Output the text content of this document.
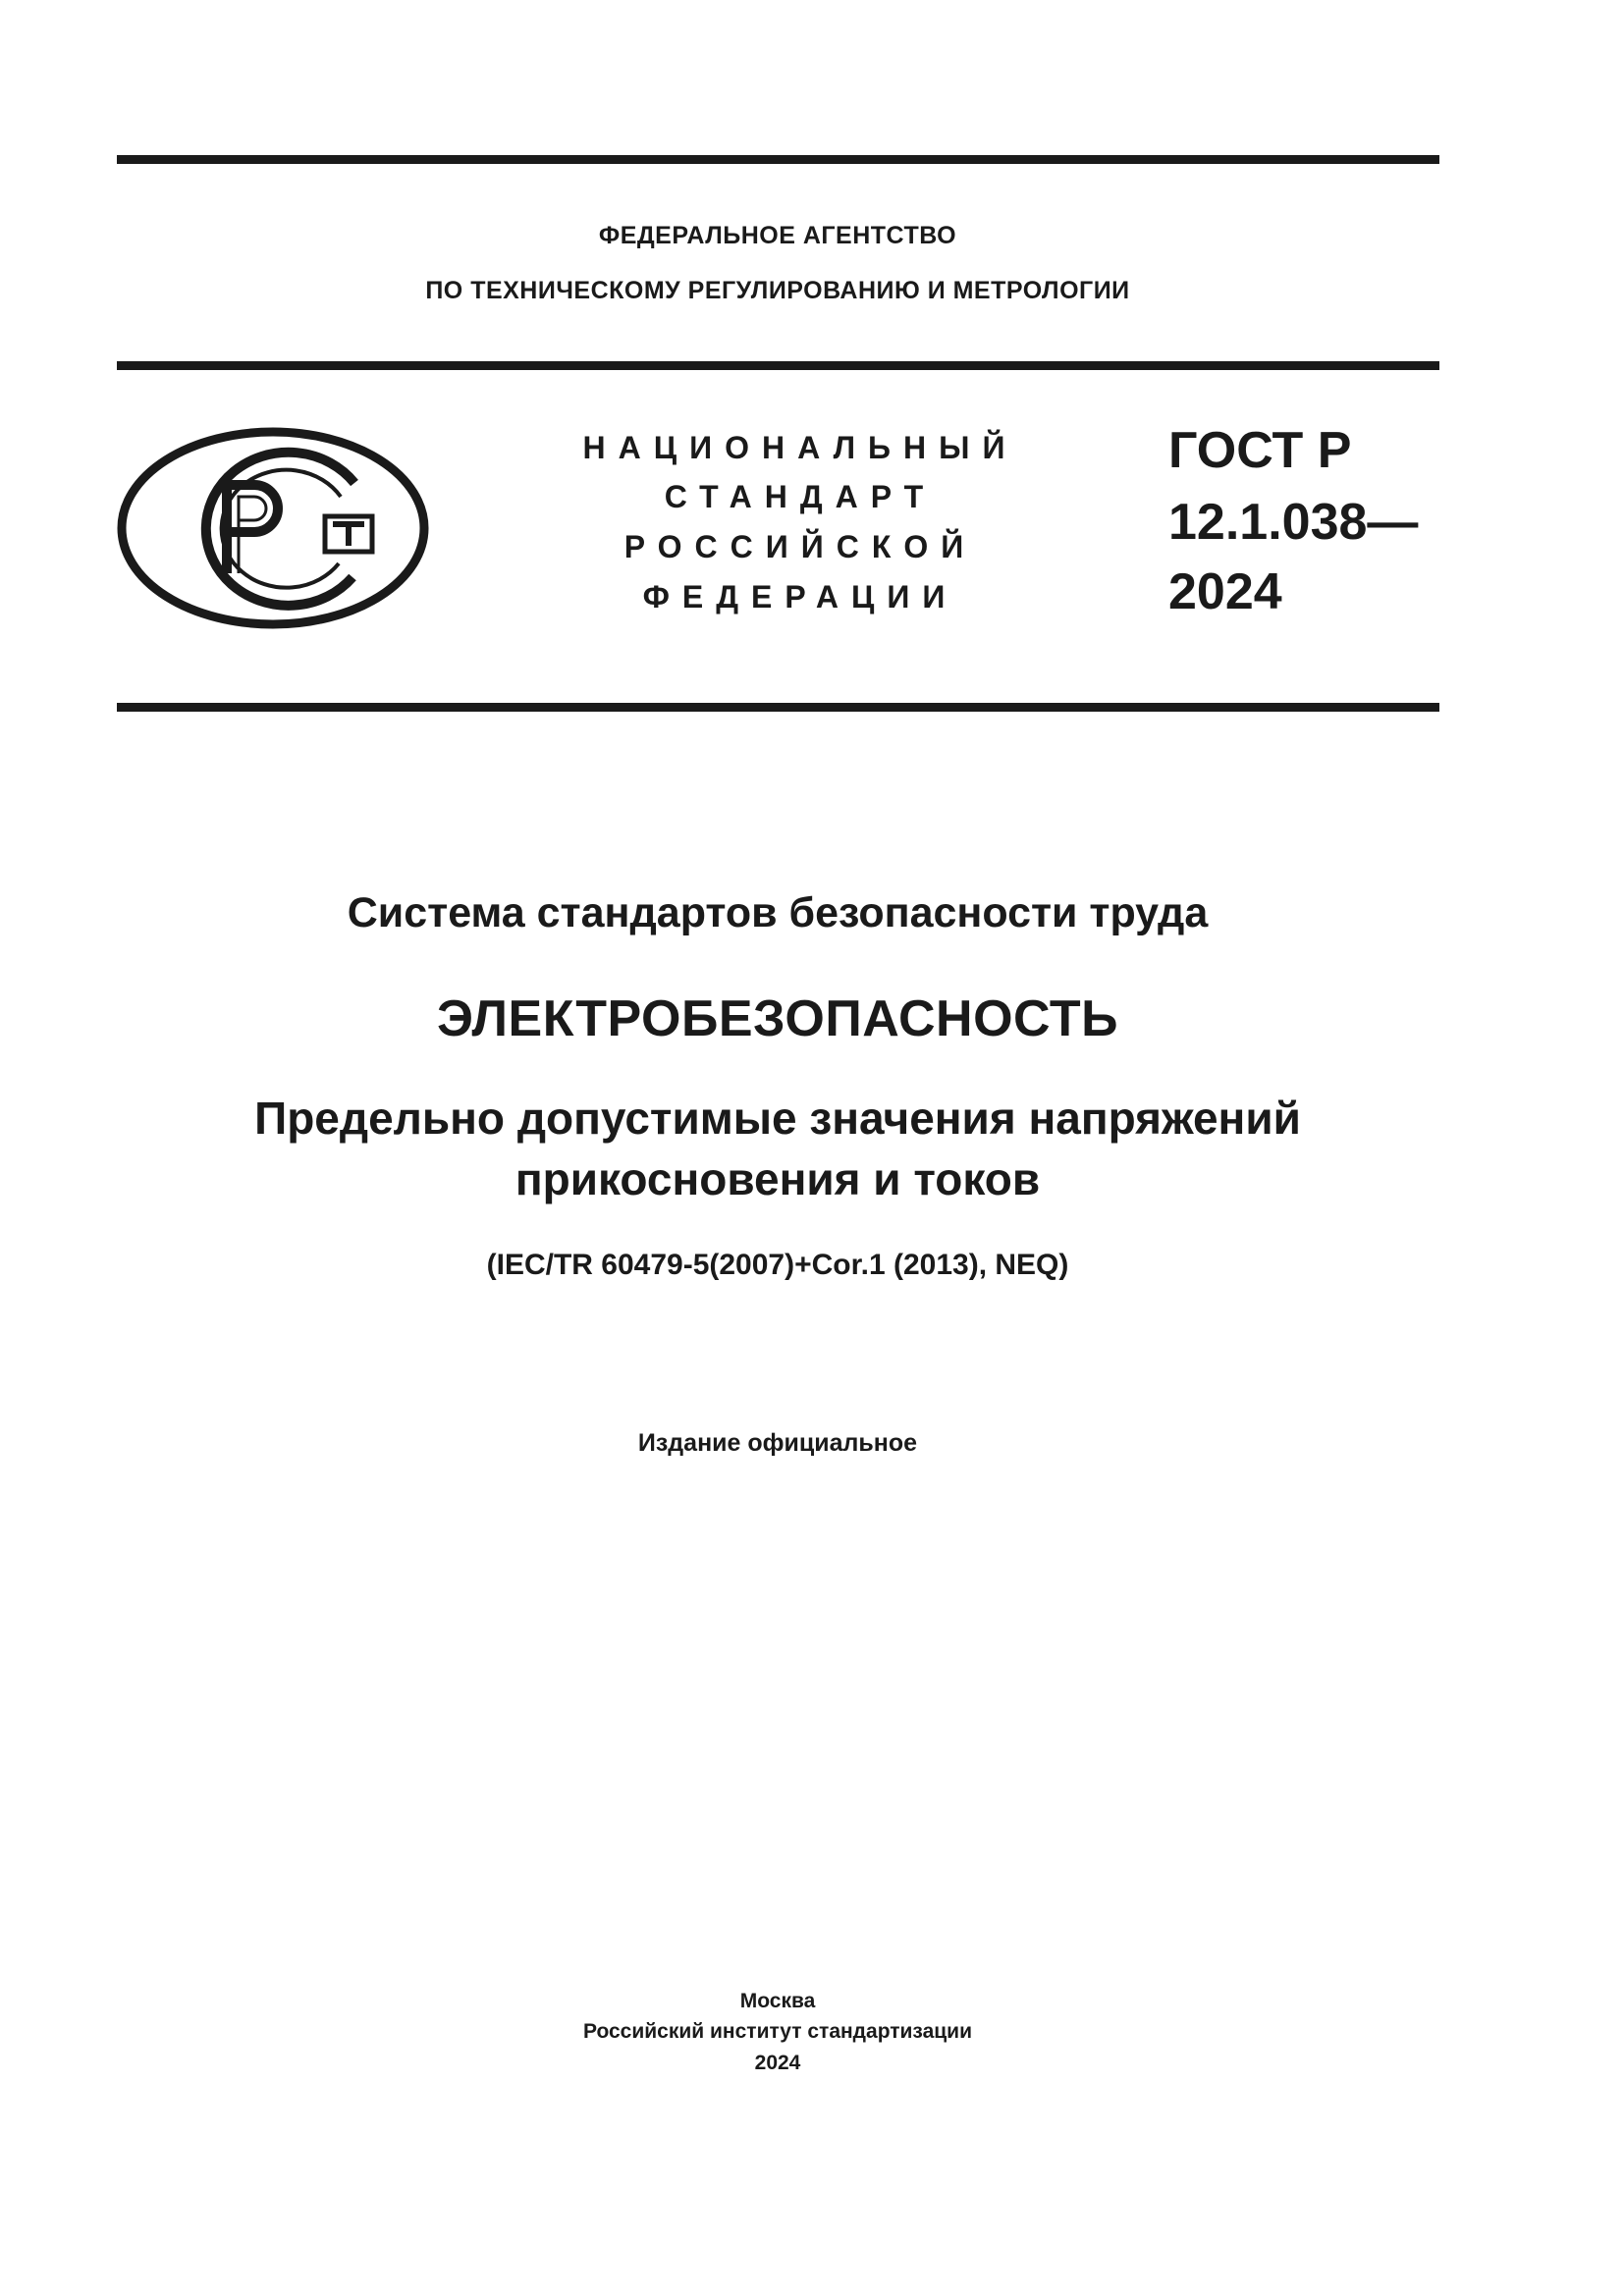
ФЕДЕРАЛЬНОЕ АГЕНТСТВО
ПО ТЕХНИЧЕСКОМУ РЕГУЛИРОВАНИЮ И МЕТРОЛОГИИ
НАЦИОНАЛЬНЫЙ
СТАНДАРТ
РОССИЙСКОЙ
ФЕДЕРАЦИИ
ГОСТ Р
12.1.038—
2024
Система стандартов безопасности труда
ЭЛЕКТРОБЕЗОПАСНОСТЬ
Предельно допустимые значения напряжений
прикосновения и токов
(IEC/TR 60479-5(2007)+Cor.1 (2013), NEQ)
Издание официальное
Москва
Российский институт стандартизации
2024
